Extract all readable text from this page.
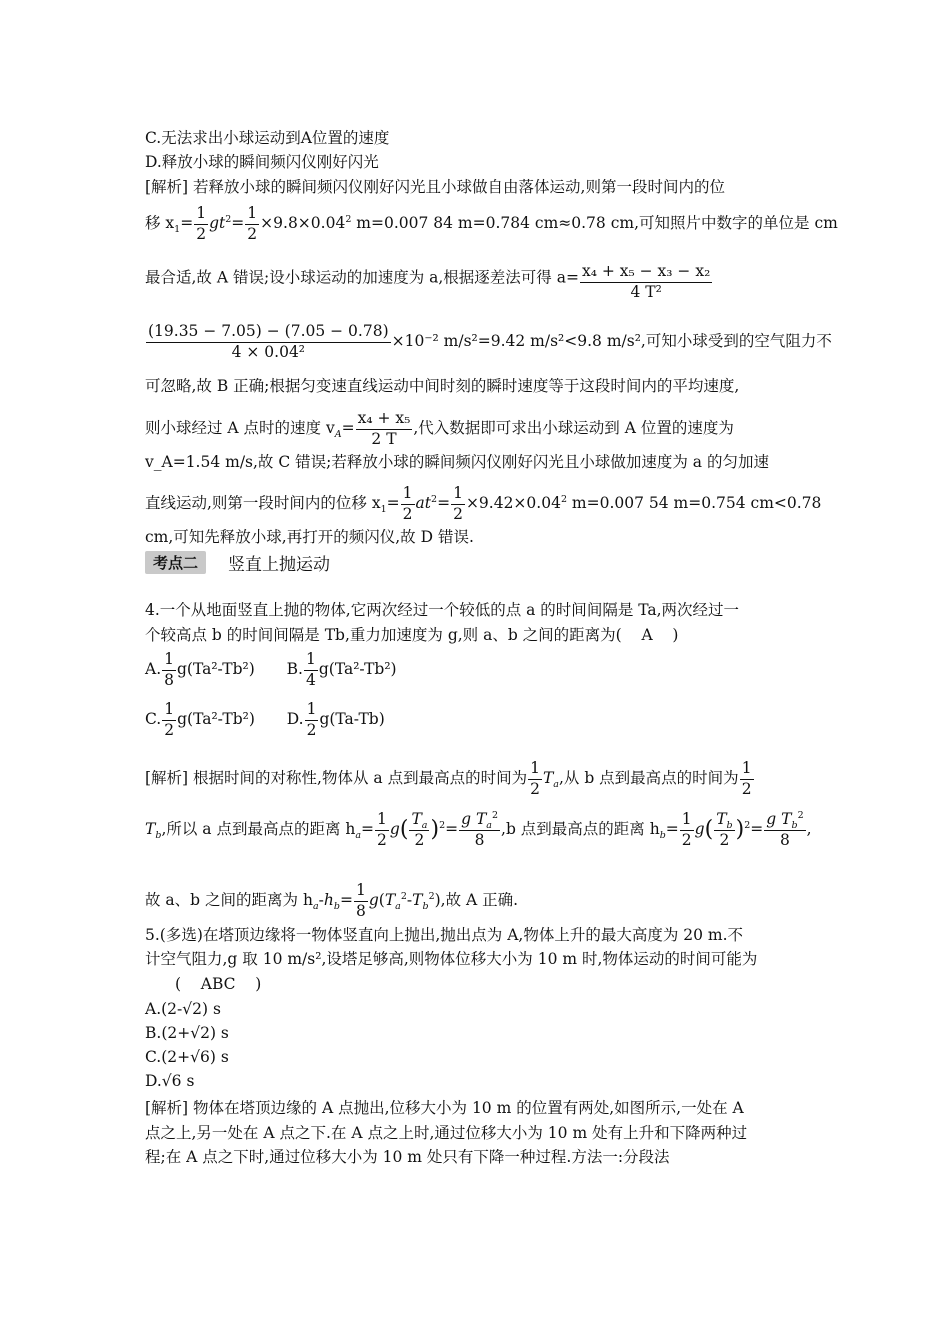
C.无法求出小球运动到A位置的速度
D.释放小球的瞬间频闪仪刚好闪光
[解析] 若释放小球的瞬间频闪仪刚好闪光且小球做自由落体运动,则第一段时间内的位
移 $x_1= \frac{1}{2} gt^2= \frac{1}{2} \times 9.8\times 0.04^2$ m=0.007 84 m=0.784 cm≈0.78 cm,可知照片中数字的单位是 cm
最合适,故 A 错误;设小球运动的加速度为 a,根据逐差法可得 $a= \frac{\text{x₄ + x₅ − x₃ − x₂}}{\text{4 T²}}$
$\frac{(19.35 - 7.05) - (7.05 - 0.78)}{\text{4 × 0.04²}} \times 10^{-2}$ m/s²=9.42 m/s²<9.8 m/s²,可知小球受到的空气阻力不
可忽略,故 B 正确;根据匀变速直线运动中间时刻的瞬时速度等于这段时间内的平均速度,
则小球经过 A 点时的速度 $v_A= \frac{\text{x₄ + x₅}}{2 T}$ ,代入数据即可求出小球运动到 A 位置的速度为
v_A=1.54 m/s,故 C 错误;若释放小球的瞬间频闪仪刚好闪光且小球做加速度为 a 的匀加速
直线运动,则第一段时间内的位移 $x_1= \frac{1}{2} at^2= \frac{1}{2} \times 9.42\times 0.04^2$ m=0.007 54 m=0.754 cm<0.78
cm,可知先释放小球,再打开的频闪仪,故 D 错误.
考点二	竖直上抛运动
4.一个从地面竖直上抛的物体,它两次经过一个较低的点 a 的时间间隔是 Ta,两次经过一
个较高点 b 的时间间隔是 Tb,重力加速度为 g,则 a、b 之间的距离为( A )
A. $\frac{1}{8} g(Ta^2-Tb^2)$ B. $\frac{1}{4} g(Ta^2-Tb^2)$
C. $\frac{1}{2} g(Ta^2-Tb^2)$ D. $\frac{1}{2} g(Ta-Tb)$
[解析] 根据时间的对称性,物体从 a 点到最高点的时间为 $\frac{1}{2} T_a$,从 b 点到最高点的时间为 $\frac{1}{2}$
$T_b$,所以 a 点到最高点的距离 $h_a= \frac{1}{2} g( \frac{T_a}{2} )^2= \frac{g T_a^2}{8} ,b$ 点到最高点的距离 $h_b= \frac{1}{2} g( \frac{T_b}{2} )^2= \frac{g T_b^2}{8}$ ,
故 a、b 之间的距离为 $h_a-h_b= \frac{1}{8} g(T_a^2-T_b^2)$,故 A 正确.
5.(多选)在塔顶边缘将一物体竖直向上抛出,抛出点为 A,物体上升的最大高度为 20 m.不
计空气阻力,g 取 10 m/s²,设塔足够高,则物体位移大小为 10 m 时,物体运动的时间可能为
( ABC )
A.(2-√2) s
B.(2+√2) s
C.(2+√6) s
D.√6 s
[解析] 物体在塔顶边缘的 A 点抛出,位移大小为 10 m 的位置有两处,如图所示,一处在 A
点之上,另一处在 A 点之下.在 A 点之上时,通过位移大小为 10 m 处有上升和下降两种过
程;在 A 点之下时,通过位移大小为 10 m 处只有下降一种过程.方法一:分段法
